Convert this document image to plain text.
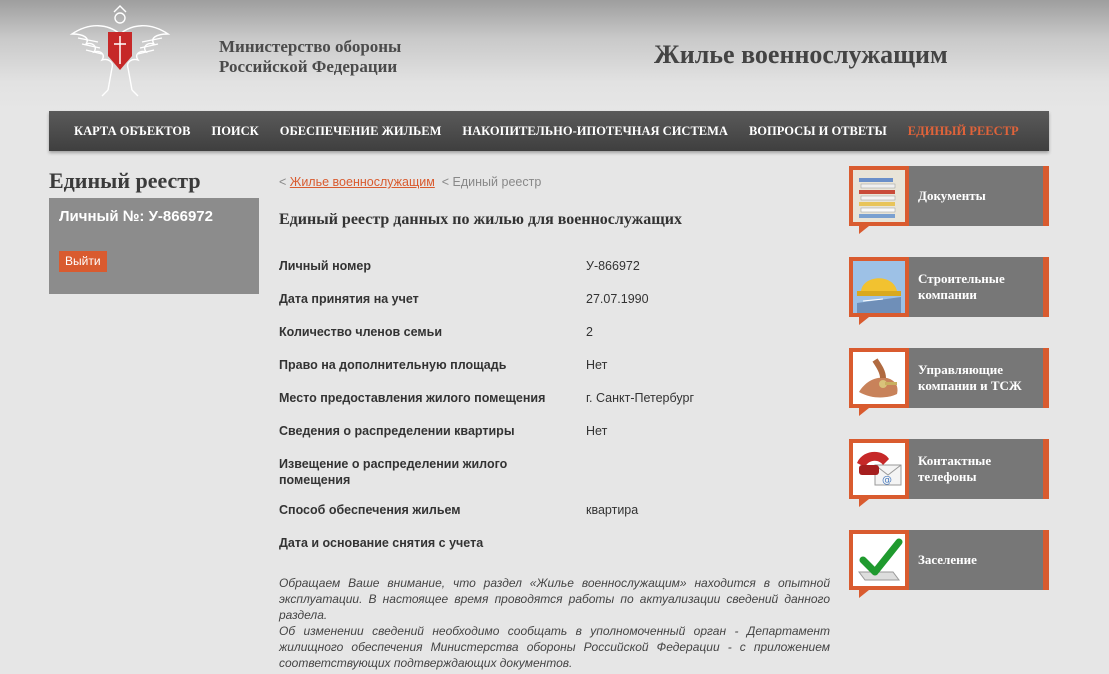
Министерство обороны
Российской Федерации	Жилье военнослужащим
КАРТА ОБЪЕКТОВ ПОИСК ОБЕСПЕЧЕНИЕ ЖИЛЬЕМ НАКОПИТЕЛЬНО-ИПОТЕЧНАЯ СИСТЕМА ВОПРОСЫ И ОТВЕТЫ ЕДИНЫЙ РЕЕСТР
Единый реестр
Личный №: У-866972
Выйти
< Жилье военнослужащим < Единый реестр
Единый реестр данных по жилью для военнослужащих
Личный номер	У-866972
Дата принятия на учет	27.07.1990
Количество членов семьи	2
Право на дополнительную площадь	Нет
Место предоставления жилого помещения	г. Санкт-Петербург
Сведения о распределении квартиры	Нет
Извещение о распределении жилого помещения
Способ обеспечения жильем	квартира
Дата и основание снятия с учета

Обращаем Ваше внимание, что раздел «Жилье военнослужащим» находится в опытной эксплуатации. В настоящее время проводятся работы по актуализации сведений данного раздела.

Об изменении сведений необходимо сообщать в уполномоченный орган - Департамент жилищного обеспечения Министерства обороны Российской Федерации - с приложением соответствующих подтверждающих документов.

Документы
Строительные компании
Управляющие компании и ТСЖ
@
Контактные телефоны
Заселение
